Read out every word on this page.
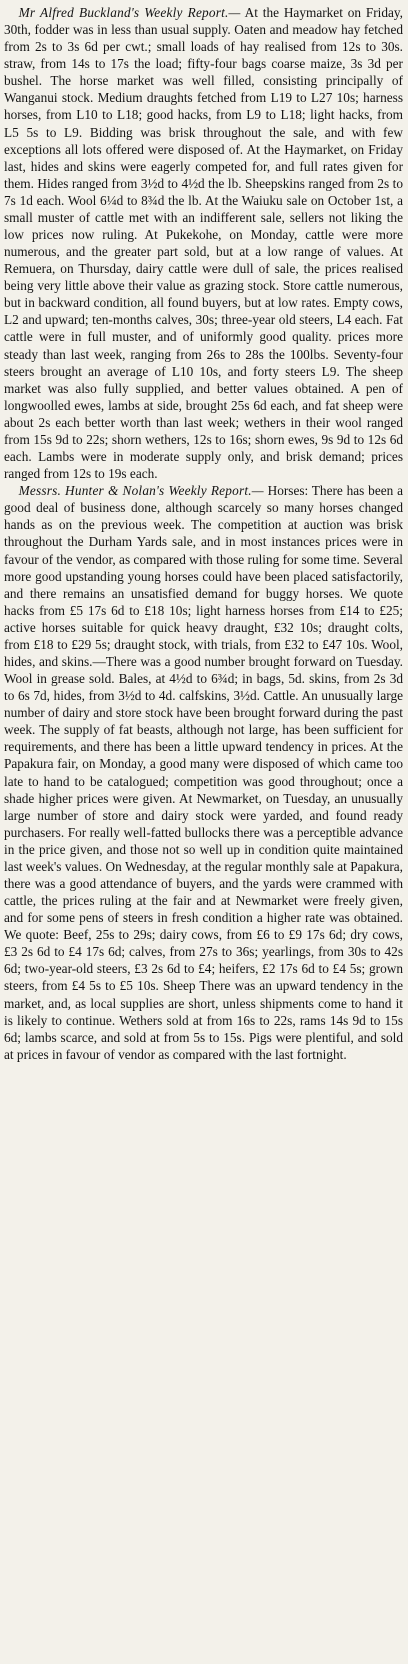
Mr Alfred Buckland's Weekly Report.— At the Haymarket on Friday, 30th, fodder was in less than usual supply. Oaten and meadow hay fetched from 2s to 3s 6d per cwt.; small loads of hay realised from 12s to 30s. straw, from 14s to 17s the load; fifty-four bags coarse maize, 3s 3d per bushel. The horse market was well filled, consisting principally of Wanganui stock. Medium draughts fetched from L19 to L27 10s; harness horses, from L10 to L18; good hacks, from L9 to L18; light hacks, from L5 5s to L9. Bidding was brisk throughout the sale, and with few exceptions all lots offered were disposed of. At the Haymarket, on Friday last, hides and skins were eagerly competed for, and full rates given for them. Hides ranged from 3½d to 4½d the lb. Sheepskins ranged from 2s to 7s 1d each. Wool 6¼d to 8¾d the lb. At the Waiuku sale on October 1st, a small muster of cattle met with an indifferent sale, sellers not liking the low prices now ruling. At Pukekohe, on Monday, cattle were more numerous, and the greater part sold, but at a low range of values. At Remuera, on Thursday, dairy cattle were dull of sale, the prices realised being very little above their value as grazing stock. Store cattle numerous, but in backward condition, all found buyers, but at low rates. Empty cows, L2 and upward; ten-months calves, 30s; three-year old steers, L4 each. Fat cattle were in full muster, and of uniformly good quality. prices more steady than last week, ranging from 26s to 28s the 100lbs. Seventy-four steers brought an average of L10 10s, and forty steers L9. The sheep market was also fully supplied, and better values obtained. A pen of longwoolled ewes, lambs at side, brought 25s 6d each, and fat sheep were about 2s each better worth than last week; wethers in their wool ranged from 15s 9d to 22s; shorn wethers, 12s to 16s; shorn ewes, 9s 9d to 12s 6d each. Lambs were in moderate supply only, and brisk demand; prices ranged from 12s to 19s each.

Messrs. Hunter & Nolan's Weekly Report.— Horses: There has been a good deal of business done, although scarcely so many horses changed hands as on the previous week. The competition at auction was brisk throughout the Durham Yards sale, and in most instances prices were in favour of the vendor, as compared with those ruling for some time. Several more good upstanding young horses could have been placed satisfactorily, and there remains an unsatisfied demand for buggy horses. We quote hacks from £5 17s 6d to £18 10s; light harness horses from £14 to £25; active horses suitable for quick heavy draught, £32 10s; draught colts, from £18 to £29 5s; draught stock, with trials, from £32 to £47 10s. Wool, hides, and skins.—There was a good number brought forward on Tuesday. Wool in grease sold. Bales, at 4½d to 6¾d; in bags, 5d. skins, from 2s 3d to 6s 7d, hides, from 3½d to 4d. calfskins, 3½d. Cattle. An unusually large number of dairy and store stock have been brought forward during the past week. The supply of fat beasts, although not large, has been sufficient for requirements, and there has been a little upward tendency in prices. At the Papakura fair, on Monday, a good many were disposed of which came too late to hand to be catalogued; competition was good throughout; once a shade higher prices were given. At Newmarket, on Tuesday, an unusually large number of store and dairy stock were yarded, and found ready purchasers. For really well-fatted bullocks there was a perceptible advance in the price given, and those not so well up in condition quite maintained last week's values. On Wednesday, at the regular monthly sale at Papakura, there was a good attendance of buyers, and the yards were crammed with cattle, the prices ruling at the fair and at Newmarket were freely given, and for some pens of steers in fresh condition a higher rate was obtained. We quote: Beef, 25s to 29s; dairy cows, from £6 to £9 17s 6d; dry cows, £3 2s 6d to £4 17s 6d; calves, from 27s to 36s; yearlings, from 30s to 42s 6d; two-year-old steers, £3 2s 6d to £4; heifers, £2 17s 6d to £4 5s; grown steers, from £4 5s to £5 10s. Sheep There was an upward tendency in the market, and, as local supplies are short, unless shipments come to hand it is likely to continue. Wethers sold at from 16s to 22s, rams 14s 9d to 15s 6d; lambs scarce, and sold at from 5s to 15s. Pigs were plentiful, and sold at prices in favour of vendor as compared with the last fortnight.
